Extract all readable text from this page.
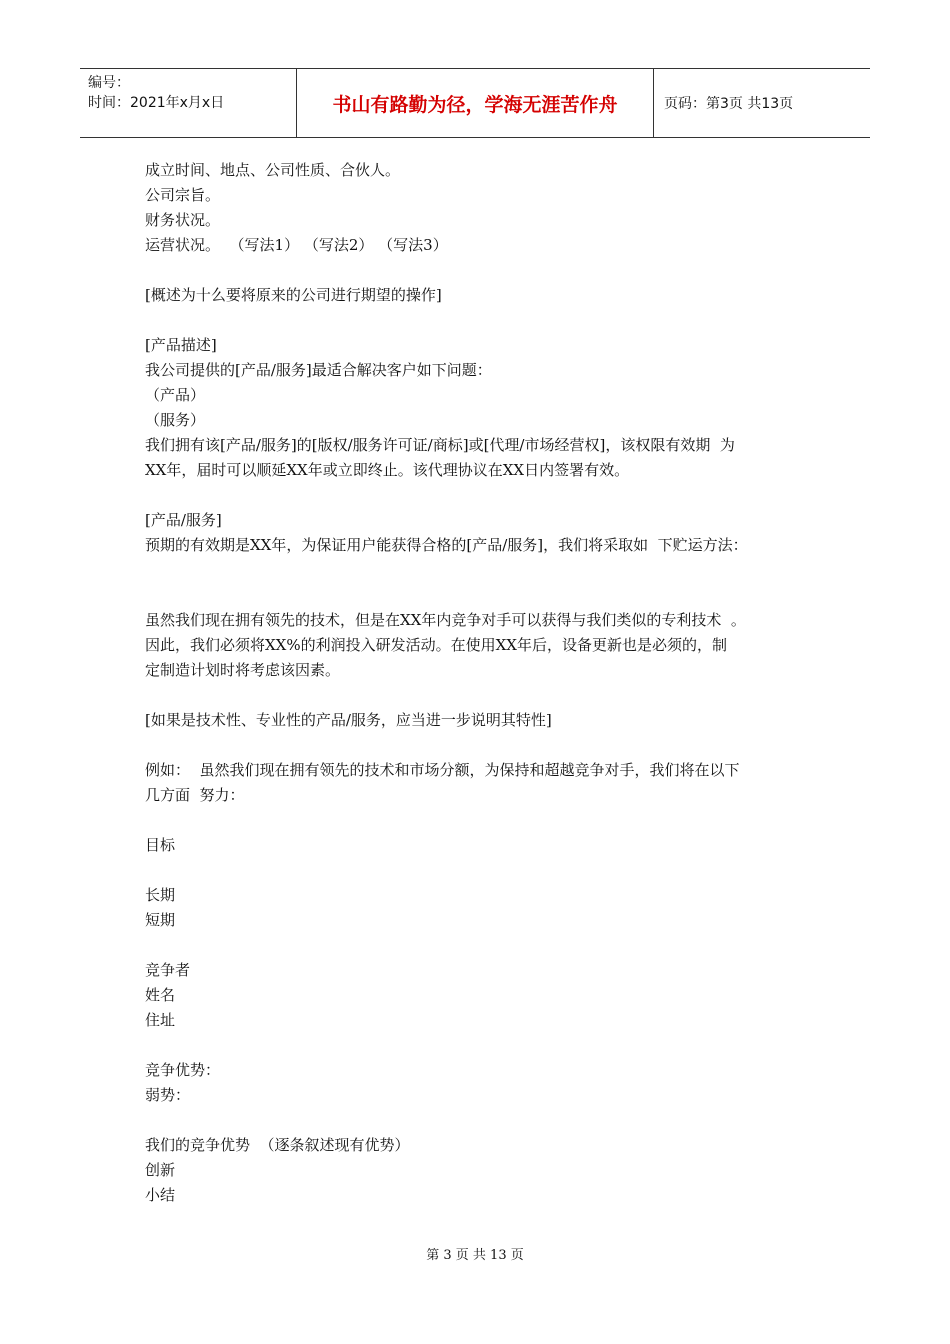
编号：
时间：2021年x月x日	书山有路勤为径，学海无涯苦作舟	页码：第3页 共13页

成立时间、地点、公司性质、合伙人。

公司宗旨。

财务状况。

运营状况。  （写法1） （写法2） （写法3）

[概述为十么要将原来的公司进行期望的操作]

[产品描述]

我公司提供的[产品/服务]最适合解决客户如下问题：

（产品）

（服务）

我们拥有该[产品/服务]的[版权/服务许可证/商标]或[代理/市场经营权]，该权限有效期  为

XX年，届时可以顺延XX年或立即终止。该代理协议在XX日内签署有效。

[产品/服务]

预期的有效期是XX年，为保证用户能获得合格的[产品/服务]，我们将采取如  下贮运方法：

虽然我们现在拥有领先的技术，但是在XX年内竞争对手可以获得与我们类似的专利技术  。

因此，我们必须将XX%的利润投入研发活动。在使用XX年后，设备更新也是必须的，制

定制造计划时将考虑该因素。

[如果是技术性、专业性的产品/服务，应当进一步说明其特性]

例如：  虽然我们现在拥有领先的技术和市场分额，为保持和超越竞争对手，我们将在以下

几方面  努力：

目标

长期

短期

竞争者

姓名

住址

竞争优势：

弱势：

我们的竞争优势  （逐条叙述现有优势）

创新

小结

第 3 页 共 13 页
